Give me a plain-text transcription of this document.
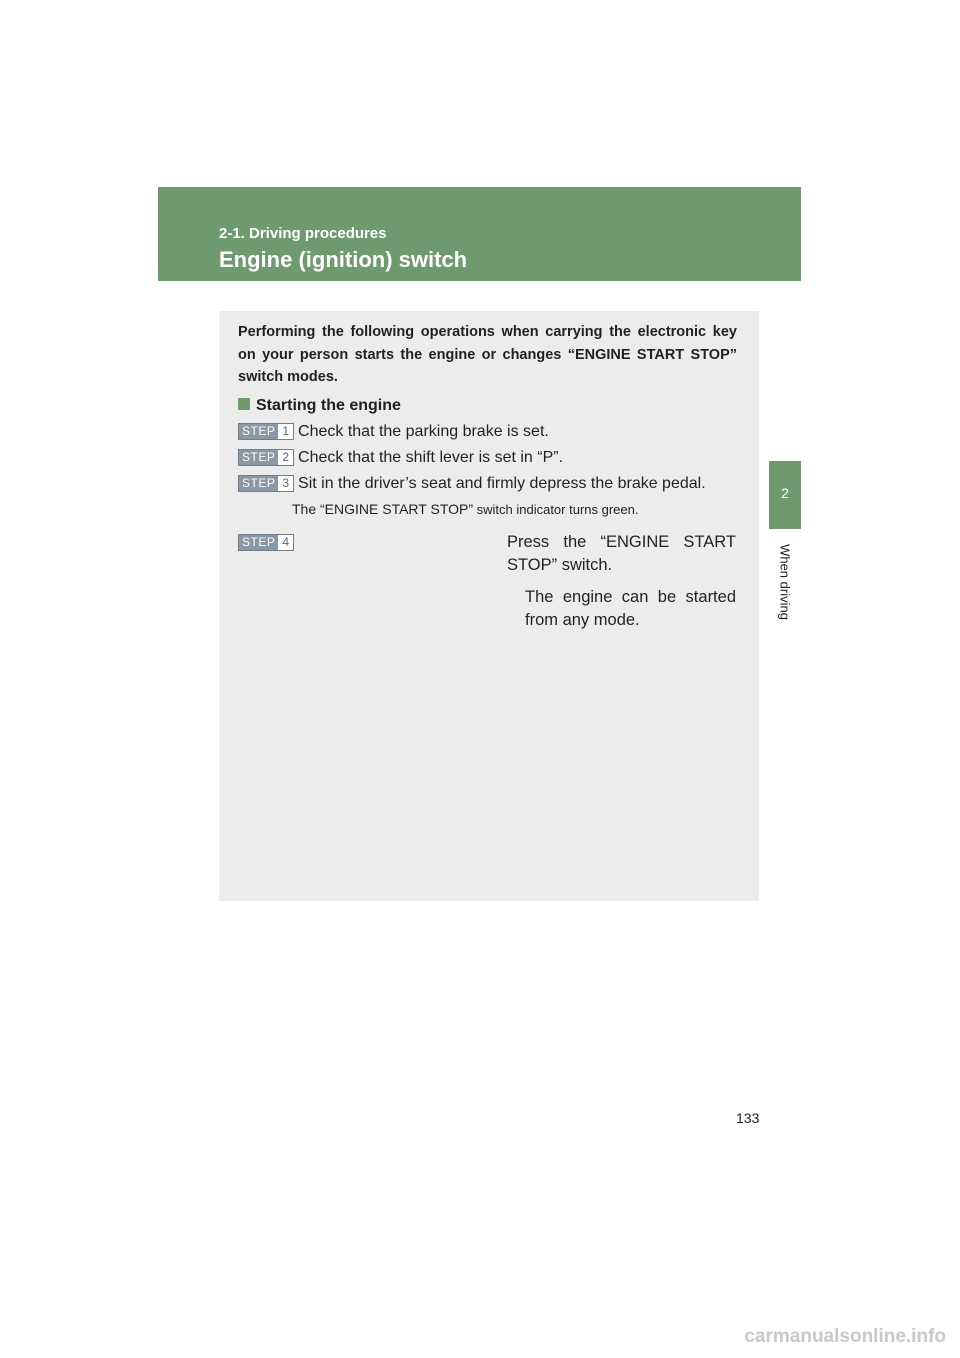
2-1. Driving procedures
Engine (ignition) switch
2
When driving

Performing the following operations when carrying the electronic key on your person starts the engine or changes “ENGINE START STOP” switch modes.

Starting the engine
STEP 1 Check that the parking brake is set.
STEP 2 Check that the shift lever is set in “P”.
STEP 3 Sit in the driver’s seat and firmly depress the brake pedal.
The “ENGINE START STOP” switch indicator turns green.
STEP 4	Press the “ENGINE START STOP” switch.

The engine can be started from any mode.

133
carmanualsonline.info
